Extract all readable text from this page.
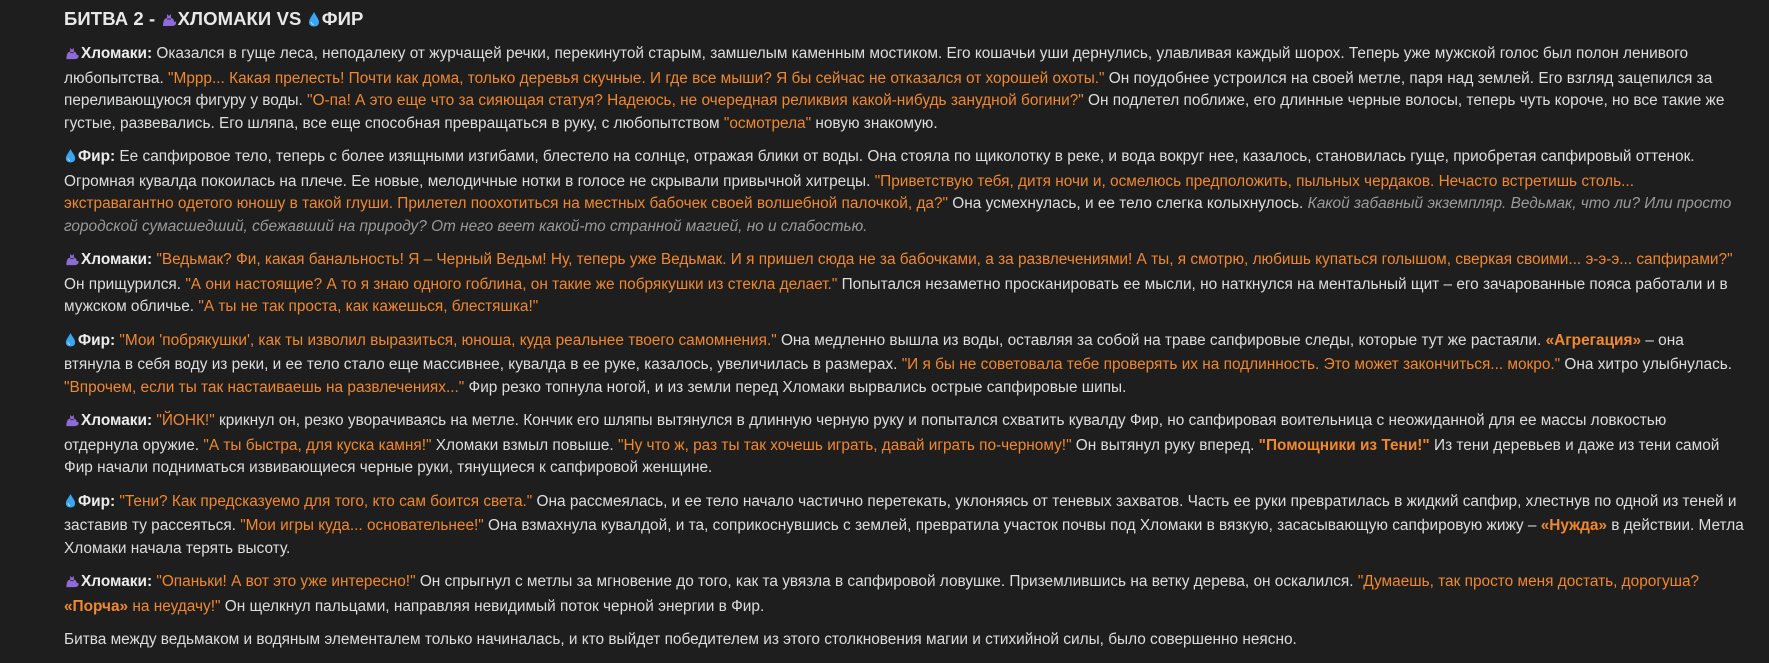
БИТВА 2 - ХЛОМАКИ VS ФИР

Хломаки: Оказался в гуще леса, неподалеку от журчащей речки, перекинутой старым, замшелым каменным мостиком. Его кошачьи уши дернулись, улавливая каждый шорох. Теперь уже мужской голос был полон ленивого любопытства. "Мррр... Какая прелесть! Почти как дома, только деревья скучные. И где все мыши? Я бы сейчас не отказался от хорошей охоты." Он поудобнее устроился на своей метле, паря над землей. Его взгляд зацепился за переливающуюся фигуру у воды. "О-па! А это еще что за сияющая статуя? Надеюсь, не очередная реликвия какой-нибудь занудной богини?" Он подлетел поближе, его длинные черные волосы, теперь чуть короче, но все такие же густые, развевались. Его шляпа, все еще способная превращаться в руку, с любопытством "осмотрела" новую знакомую.

Фир: Ее сапфировое тело, теперь с более изящными изгибами, блестело на солнце, отражая блики от воды. Она стояла по щиколотку в реке, и вода вокруг нее, казалось, становилась гуще, приобретая сапфировый оттенок. Огромная кувалда покоилась на плече. Ее новые, мелодичные нотки в голосе не скрывали привычной хитрецы. "Приветствую тебя, дитя ночи и, осмелюсь предположить, пыльных чердаков. Нечасто встретишь столь... экстравагантно одетого юношу в такой глуши. Прилетел поохотиться на местных бабочек своей волшебной палочкой, да?" Она усмехнулась, и ее тело слегка колыхнулось. Какой забавный экземпляр. Ведьмак, что ли? Или просто городской сумасшедший, сбежавший на природу? От него веет какой-то странной магией, но и слабостью.

Хломаки: "Ведьмак? Фи, какая банальность! Я – Черный Ведьм! Ну, теперь уже Ведьмак. И я пришел сюда не за бабочками, а за развлечениями! А ты, я смотрю, любишь купаться голышом, сверкая своими... э-э-э... сапфирами?" Он прищурился. "А они настоящие? А то я знаю одного гоблина, он такие же побрякушки из стекла делает." Попытался незаметно просканировать ее мысли, но наткнулся на ментальный щит – его зачарованные пояса работали и в мужском обличье. "А ты не так проста, как кажешься, блестяшка!"

Фир: "Мои 'побрякушки', как ты изволил выразиться, юноша, куда реальнее твоего самомнения." Она медленно вышла из воды, оставляя за собой на траве сапфировые следы, которые тут же растаяли. «Агрегация» – она втянула в себя воду из реки, и ее тело стало еще массивнее, кувалда в ее руке, казалось, увеличилась в размерах. "И я бы не советовала тебе проверять их на подлинность. Это может закончиться... мокро." Она хитро улыбнулась. "Впрочем, если ты так настаиваешь на развлечениях..." Фир резко топнула ногой, и из земли перед Хломаки вырвались острые сапфировые шипы.

Хломаки: "ЙОНК!" крикнул он, резко уворачиваясь на метле. Кончик его шляпы вытянулся в длинную черную руку и попытался схватить кувалду Фир, но сапфировая воительница с неожиданной для ее массы ловкостью отдернула оружие. "А ты быстра, для куска камня!" Хломаки взмыл повыше. "Ну что ж, раз ты так хочешь играть, давай играть по-черному!" Он вытянул руку вперед. "Помощники из Тени!" Из тени деревьев и даже из тени самой Фир начали подниматься извивающиеся черные руки, тянущиеся к сапфировой женщине.

Фир: "Тени? Как предсказуемо для того, кто сам боится света." Она рассмеялась, и ее тело начало частично перетекать, уклоняясь от теневых захватов. Часть ее руки превратилась в жидкий сапфир, хлестнув по одной из теней и заставив ту рассеяться. "Мои игры куда... основательнее!" Она взмахнула кувалдой, и та, соприкоснувшись с землей, превратила участок почвы под Хломаки в вязкую, засасывающую сапфировую жижу – «Нужда» в действии. Метла Хломаки начала терять высоту.

Хломаки: "Опаньки! А вот это уже интересно!" Он спрыгнул с метлы за мгновение до того, как та увязла в сапфировой ловушке. Приземлившись на ветку дерева, он оскалился. "Думаешь, так просто меня достать, дорогуша? «Порча» на неудачу!" Он щелкнул пальцами, направляя невидимый поток черной энергии в Фир.

Битва между ведьмаком и водяным элементалем только начиналась, и кто выйдет победителем из этого столкновения магии и стихийной силы, было совершенно неясно.
